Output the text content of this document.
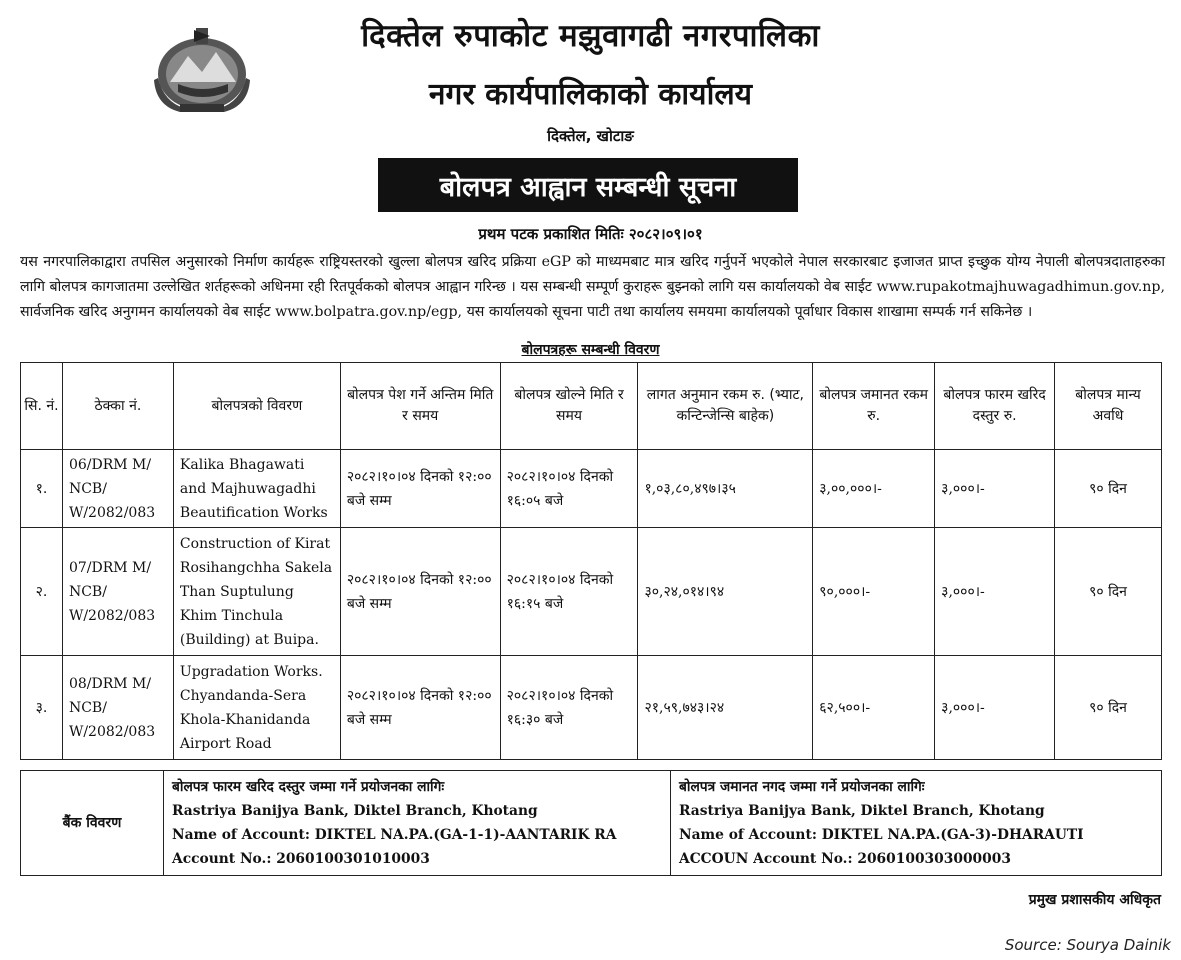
दिक्तेल रुपाकोट मझुवागढी नगरपालिका
नगर कार्यपालिकाको कार्यालय
दिक्तेल, खोटाङ
बोलपत्र आह्वान सम्बन्धी सूचना
प्रथम पटक प्रकाशित मितिः २०८२।०९।०१
यस नगरपालिकाद्वारा तपसिल अनुसारको निर्माण कार्यहरू राष्ट्रियस्तरको खुल्ला बोलपत्र खरिद प्रक्रिया eGP को माध्यमबाट मात्र खरिद गर्नुपर्ने भएकोले नेपाल सरकारबाट इजाजत प्राप्त इच्छुक योग्य नेपाली बोलपत्रदाताहरुका लागि बोलपत्र कागजातमा उल्लेखित शर्तहरूको अधिनमा रही रितपूर्वकको बोलपत्र आह्वान गरिन्छ । यस सम्बन्धी सम्पूर्ण कुराहरू बुझ्नको लागि यस कार्यालयको वेब साईट www.rupakotmajhuwagadhimun.gov.np, सार्वजनिक खरिद अनुगमन कार्यालयको वेब साईट www.bolpatra.gov.np/egp, यस कार्यालयको सूचना पाटी तथा कार्यालय समयमा कार्यालयको पूर्वाधार विकास शाखामा सम्पर्क गर्न सकिनेछ ।
बोलपत्रहरू सम्बन्धी विवरण
सि. नं.	ठेक्का नं.	बोलपत्रको विवरण	बोलपत्र पेश गर्ने अन्तिम मिति र समय	बोलपत्र खोल्ने मिति र समय	लागत अनुमान रकम रु. (भ्याट, कन्टिन्जेन्सि बाहेक)	बोलपत्र जमानत रकम रु.	बोलपत्र फारम खरिद दस्तुर रु.	बोलपत्र मान्य अवधि
१.	06/DRM M/ NCB/ W/2082/083	Kalika Bhagawati and Majhuwagadhi Beautification Works	२०८२।१०।०४ दिनको १२:०० बजे सम्म	२०८२।१०।०४ दिनको १६:०५ बजे	१,०३,८०,४९७।३५	३,००,०००।-	३,०००।-	९० दिन
२.	07/DRM M/ NCB/ W/2082/083	Construction of Kirat Rosihangchha Sakela Than Suptulung Khim Tinchula (Building) at Buipa.	२०८२।१०।०४ दिनको १२:०० बजे सम्म	२०८२।१०।०४ दिनको १६:१५ बजे	३०,२४,०१४।९४	९०,०००।-	३,०००।-	९० दिन
३.	08/DRM M/ NCB/ W/2082/083	Upgradation Works. Chyandanda-Sera Khola-Khanidanda Airport Road	२०८२।१०।०४ दिनको १२:०० बजे सम्म	२०८२।१०।०४ दिनको १६:३० बजे	२१,५९,७४३।२४	६२,५००।-	३,०००।-	९० दिन
बैंक विवरण	
बोलपत्र फारम खरिद दस्तुर जम्मा गर्ने प्रयोजनका लागिः
Rastriya Banijya Bank, Diktel Branch, Khotang
Name of Account: DIKTEL NA.PA.(GA-1-1)-AANTARIK RA
Account No.: 2060100301010003

बोलपत्र जमानत नगद जम्मा गर्ने प्रयोजनका लागिः
Rastriya Banijya Bank, Diktel Branch, Khotang
Name of Account: DIKTEL NA.PA.(GA-3)-DHARAUTI
ACCOUN Account No.: 2060100303000003
प्रमुख प्रशासकीय अधिकृत
Source: Sourya Dainik
